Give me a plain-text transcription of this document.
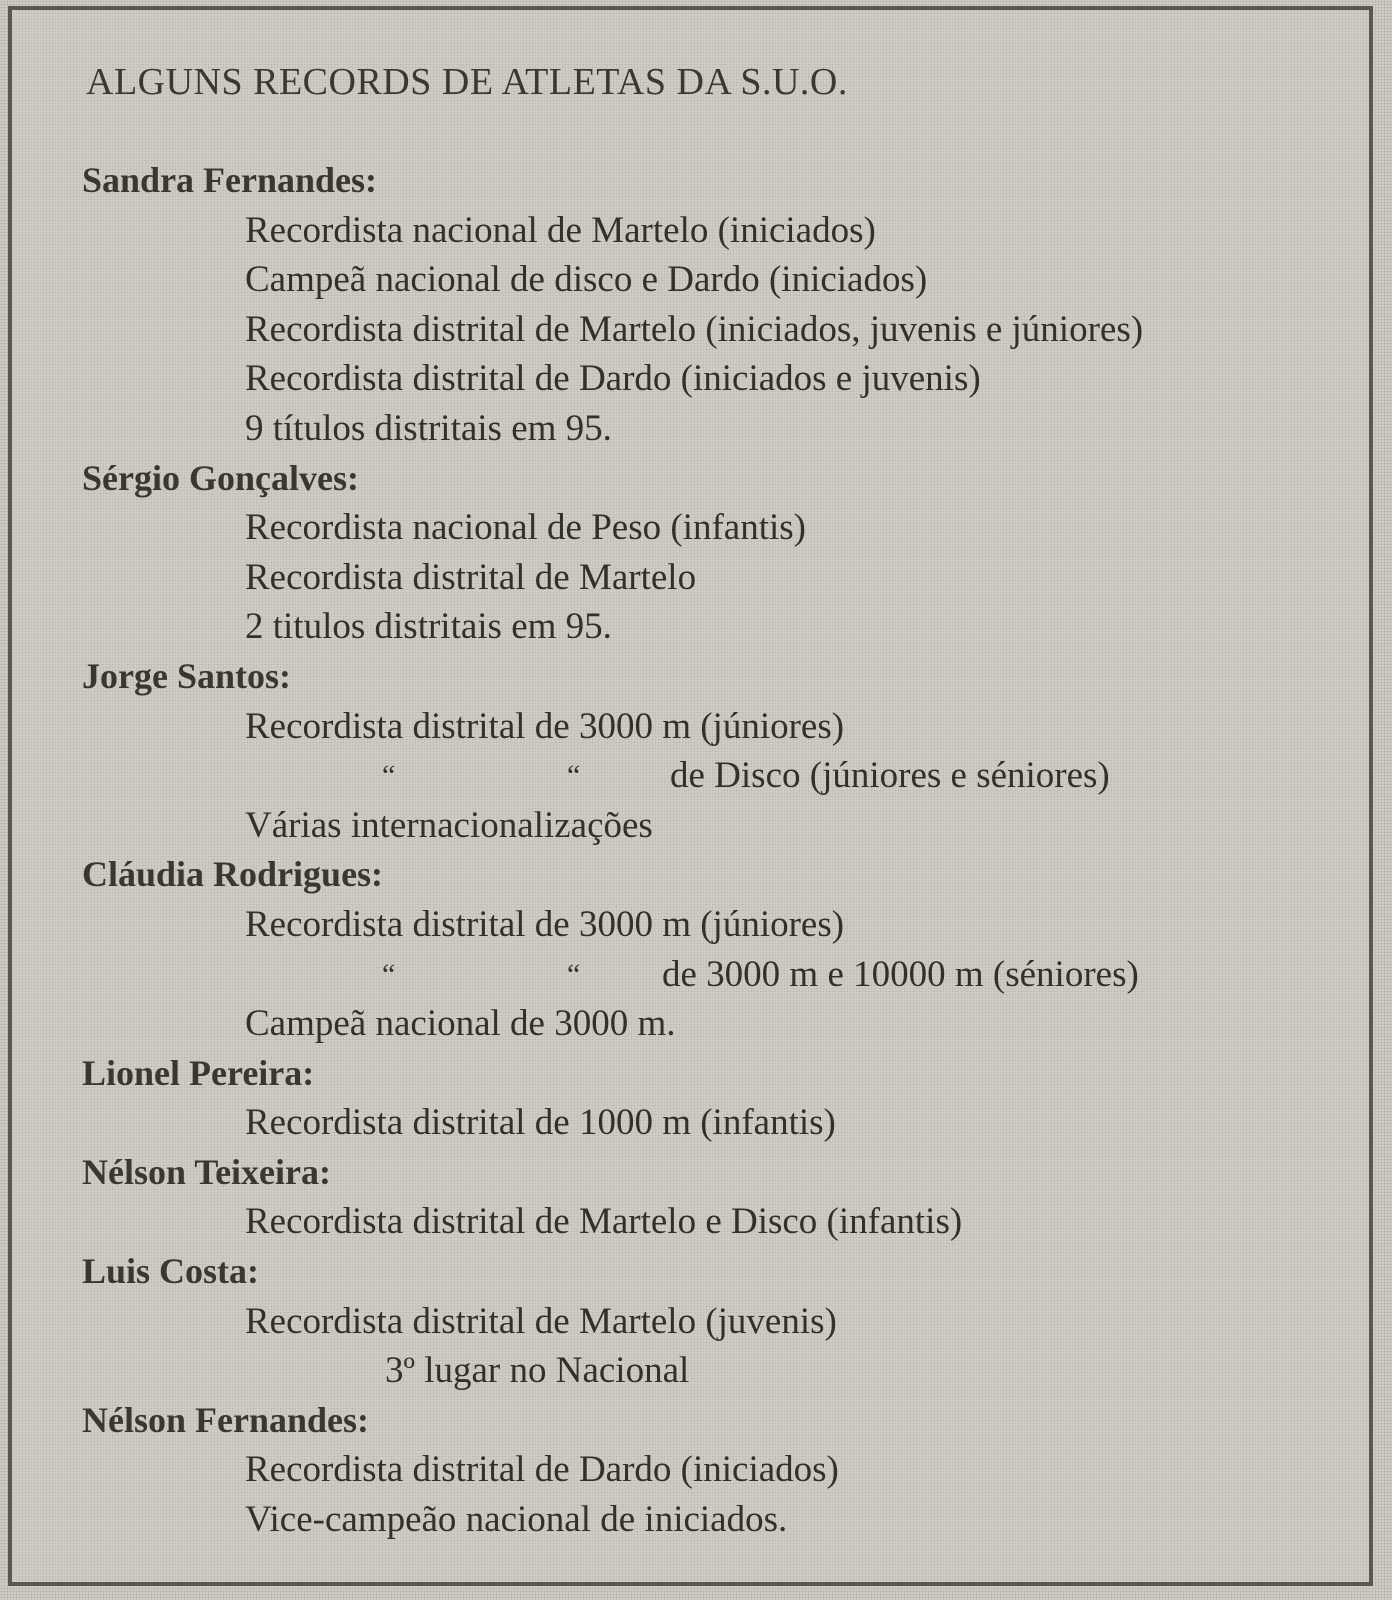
ALGUNS RECORDS DE ATLETAS DA S.U.O.
Sandra Fernandes:
Recordista nacional de Martelo (iniciados)
Campeã nacional de disco e Dardo (iniciados)
Recordista distrital de Martelo (iniciados, juvenis e júniores)
Recordista distrital de Dardo (iniciados e juvenis)
9 títulos distritais em 95.
Sérgio Gonçalves:
Recordista nacional de Peso (infantis)
Recordista distrital de Martelo
2 titulos distritais em 95.
Jorge Santos:
Recordista distrital de 3000 m (júniores)
“	“ de Disco (júniores e séniores)
Várias internacionalizações
Cláudia Rodrigues:
Recordista distrital de 3000 m (júniores)
“	“ de 3000 m e 10000 m (séniores)
Campeã nacional de 3000 m.
Lionel Pereira:
Recordista distrital de 1000 m (infantis)
Nélson Teixeira:
Recordista distrital de Martelo e Disco (infantis)
Luis Costa:
Recordista distrital de Martelo (juvenis)
3º lugar no Nacional
Nélson Fernandes:
Recordista distrital de Dardo (iniciados)
Vice-campeão nacional de iniciados.
